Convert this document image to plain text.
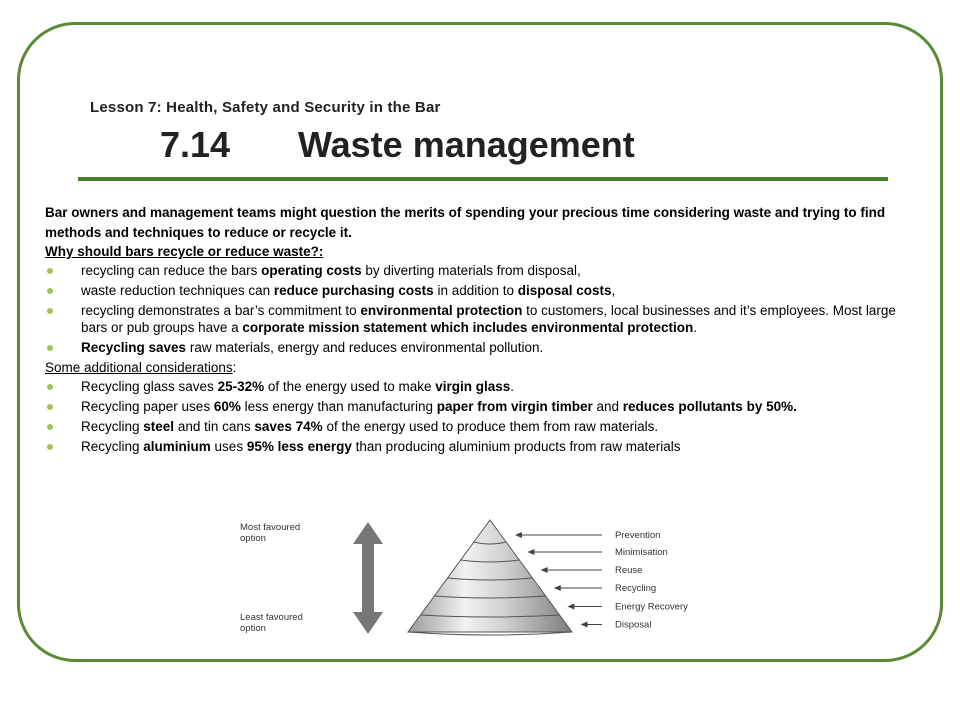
Lesson 7: Health, Safety and Security in the Bar
7.14 Waste management

Bar owners and management teams might question the merits of spending your precious time considering waste and trying to find methods and techniques to reduce or recycle it.

Why should bars recycle or reduce waste?:

recycling can reduce the bars operating costs by diverting materials from disposal,
waste reduction techniques can reduce purchasing costs in addition to disposal costs,
recycling demonstrates a bar’s commitment to environmental protection to customers, local businesses and it’s employees. Most large bars or pub groups have a corporate mission statement which includes environmental protection.
Recycling saves raw materials, energy and reduces environmental pollution.

Some additional considerations:

Recycling glass saves 25-32% of the energy used to make virgin glass.
Recycling paper uses 60% less energy than manufacturing paper from virgin timber and reduces pollutants by 50%.
Recycling steel and tin cans saves 74% of the energy used to produce them from raw materials.
Recycling aluminium uses 95% less energy than producing aluminium products from raw materials
Most favoured
option
Least favoured
option
Prevention
Minimisation
Reuse
Recycling
Energy Recovery
Disposal
